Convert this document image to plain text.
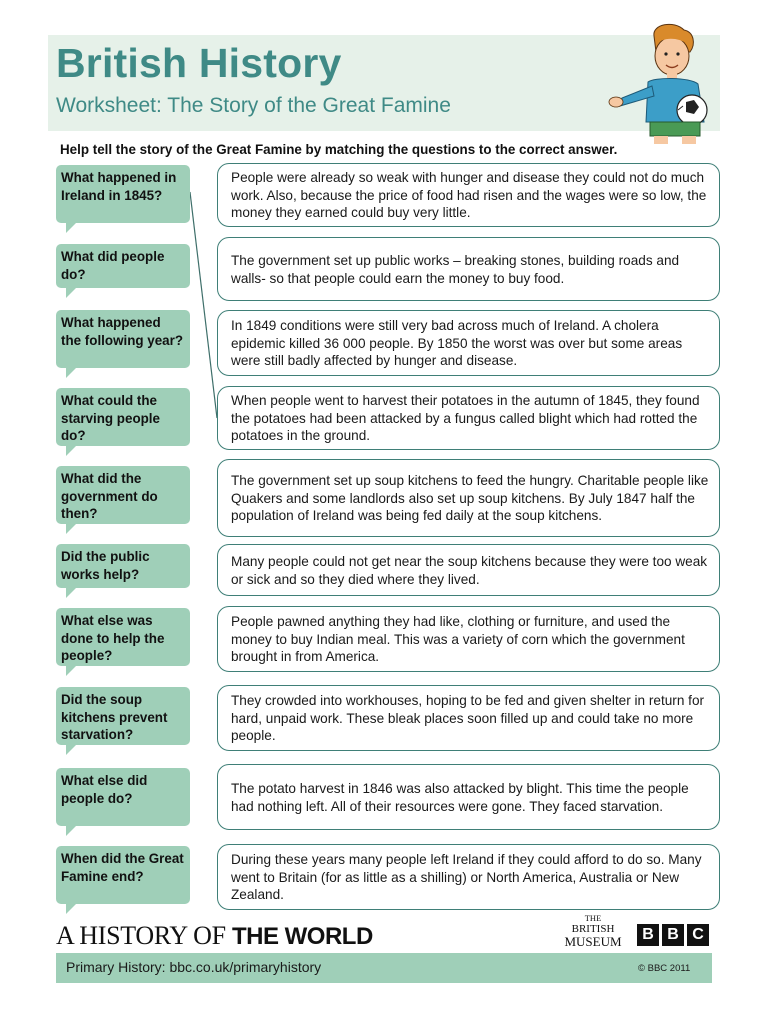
British History
Worksheet: The Story of the Great Famine
Help tell the story of the Great Famine by matching the questions to the correct answer.
What happened in Ireland in 1845?
What did people do?
What happened the following year?
What could the starving people do?
What did the government do then?
Did the public works help?
What else was done to help the people?
Did the soup kitchens prevent starvation?
What else did people do?
When did the Great Famine end?
People were already so weak with hunger and disease they could not do much work. Also, because the price of food had risen and the wages were so low, the money they earned could buy very little.
The government set up public works – breaking stones, building roads and walls- so that people could earn the money to buy food.
In 1849 conditions were still very bad across much of Ireland. A cholera epidemic killed 36 000 people. By 1850 the worst was over but some areas were still badly affected by hunger and disease.
When people went to harvest their potatoes in the autumn of 1845, they found the potatoes had been attacked by a fungus called blight which had rotted the potatoes in the ground.
The government set up soup kitchens to feed the hungry. Charitable people like Quakers and some landlords also set up soup kitchens. By July 1847 half the population of Ireland was being fed daily at the soup kitchens.
Many people could not get near the soup kitchens because they were too weak or sick and so they died where they lived.
People pawned anything they had like, clothing or furniture, and used the money to buy Indian meal. This was a variety of corn which the government brought in from America.
They crowded into workhouses, hoping to be fed and given shelter in return for hard, unpaid work. These bleak places soon filled up and could take no more people.
The potato harvest in 1846 was also attacked by blight. This time the people had nothing left. All of their resources were gone. They faced starvation.
During these years many people left Ireland if they could afford to do so. Many went to Britain (for as little as a shilling) or North America, Australia or New Zealand.
A HISTORY OF THE WORLD
THE
BRITISH
MUSEUM	B B C
Primary History: bbc.co.uk/primaryhistory	© BBC 2011
